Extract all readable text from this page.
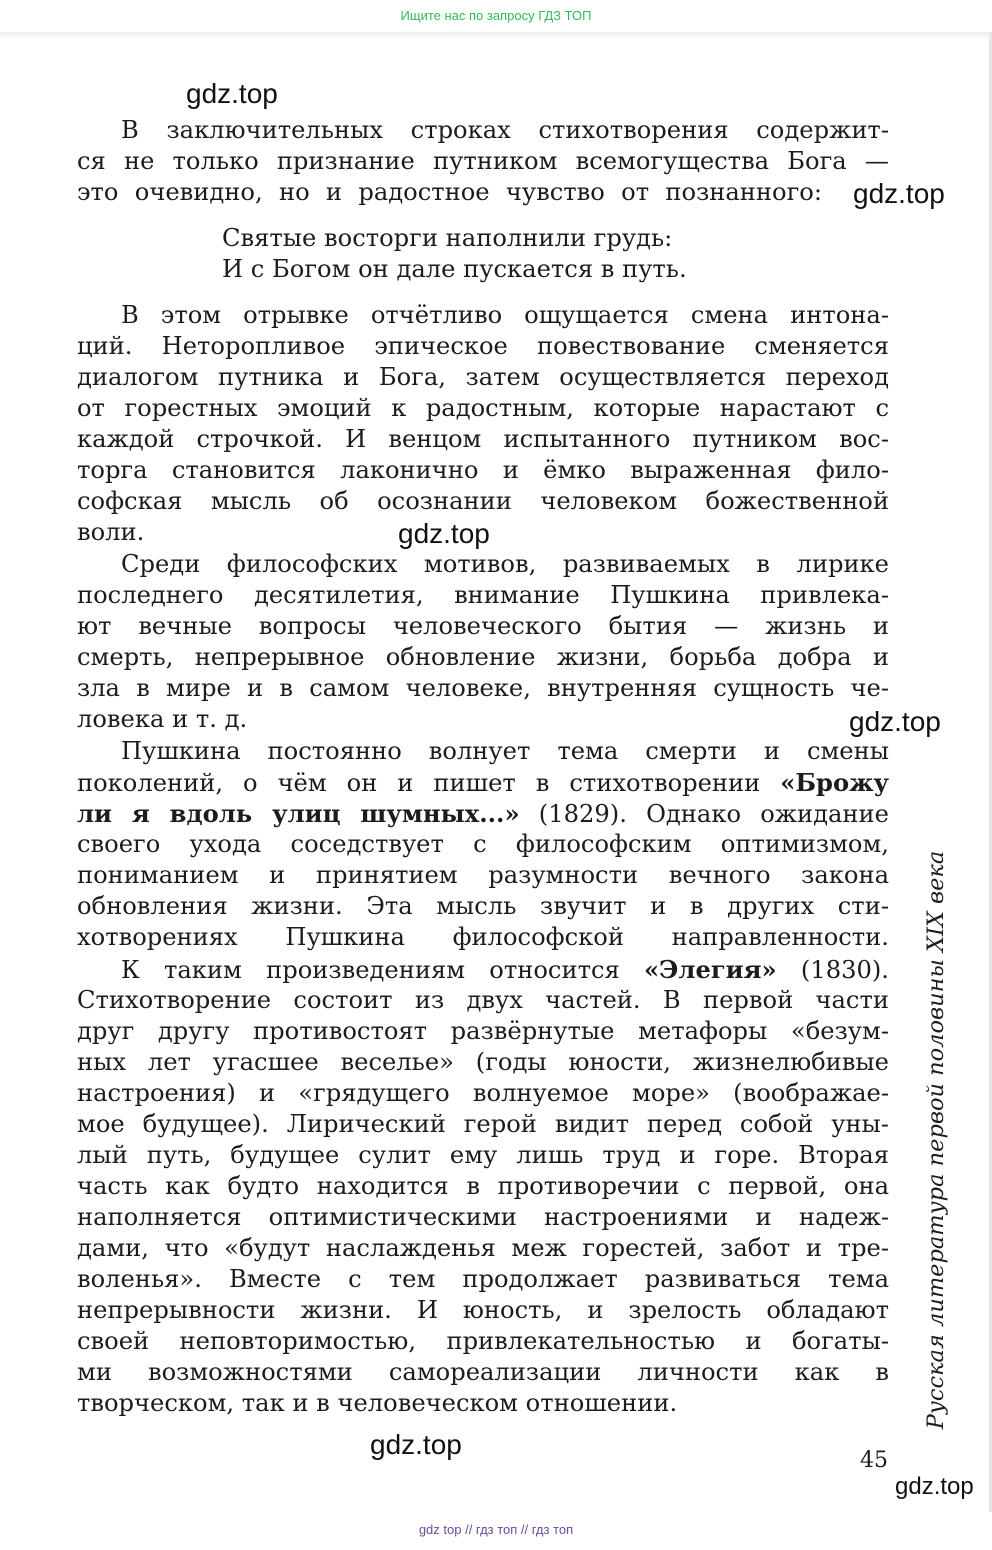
Ищите нас по запросу ГДЗ ТОП
gdz.top
gdz.top
gdz.top
gdz.top
gdz.top
gdz.top
В заключительных строках стихотворения содержит-
ся не только признание путником всемогущества Бога —
это очевидно, но и радостное чувство от познанного:
Святые восторги наполнили грудь:
И с Богом он дале пускается в путь.
В этом отрывке отчётливо ощущается смена интона-
ций. Неторопливое эпическое повествование сменяется
диалогом путника и Бога, затем осуществляется переход
от горестных эмоций к радостным, которые нарастают с
каждой строчкой. И венцом испытанного путником вос-
торга становится лаконично и ёмко выраженная фило-
софская мысль об осознании человеком божественной
воли.
Среди философских мотивов, развиваемых в лирике
последнего десятилетия, внимание Пушкина привлека-
ют вечные вопросы человеческого бытия — жизнь и
смерть, непрерывное обновление жизни, борьба добра и
зла в мире и в самом человеке, внутренняя сущность че-
ловека и т. д.
Пушкина постоянно волнует тема смерти и смены
поколений, о чём он и пишет в стихотворении «Брожу
ли я вдоль улиц шумных...» (1829). Однако ожидание
своего ухода соседствует с философским оптимизмом,
пониманием и принятием разумности вечного закона
обновления жизни. Эта мысль звучит и в других сти-
хотворениях Пушкина философской направленности.
К таким произведениям относится «Элегия» (1830).
Стихотворение состоит из двух частей. В первой части
друг другу противостоят развёрнутые метафоры «безум-
ных лет угасшее веселье» (годы юности, жизнелюбивые
настроения) и «грядущего волнуемое море» (воображае-
мое будущее). Лирический герой видит перед собой уны-
лый путь, будущее сулит ему лишь труд и горе. Вторая
часть как будто находится в противоречии с первой, она
наполняется оптимистическими настроениями и надеж-
дами, что «будут наслажденья меж горестей, забот и тре-
воленья». Вместе с тем продолжает развиваться тема
непрерывности жизни. И юность, и зрелость обладают
своей неповторимостью, привлекательностью и богаты-
ми возможностями самореализации личности как в
творческом, так и в человеческом отношении.	Русская литература первой половины XIX века
45
gdz top // гдз топ // гдз топ
